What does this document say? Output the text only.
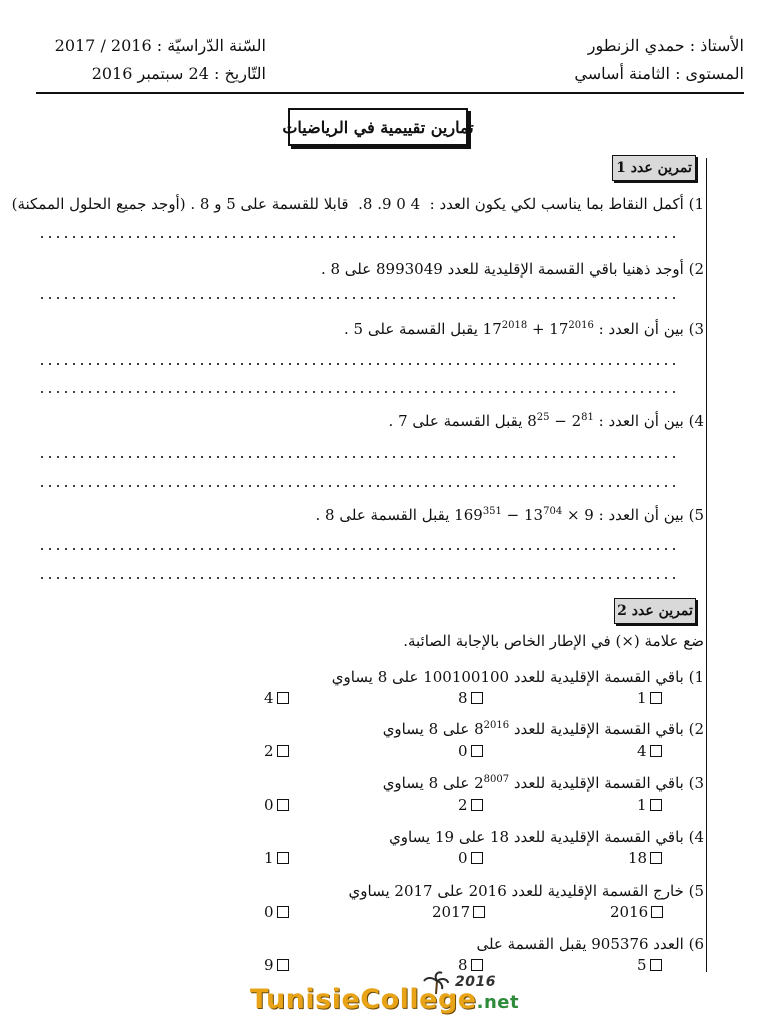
الأستاذ : حمدي الزنطور
المستوى : الثامنة أساسي
السّنة الدّراسيّة : 2016 / 2017
التّاريخ : 24 سبتمبر 2016
تمارين تقييمية في الرياضيات
تمرين عدد 1
1) أكمل النقاط بما يناسب لكي يكون العدد : ‎ .8 .9 0 4 ‎ قابلا للقسمة على 5 و 8 . (أوجد جميع الحلول الممكنة)
2) أوجد ذهنيا باقي القسمة الإقليدية للعدد 8993049 على 8 .
3) بين أن العدد : $17^{2018} + 17^{2016}$ يقبل القسمة على 5 .
4) بين أن العدد : $8^{25} - 2^{81}$ يقبل القسمة على 7 .
5) بين أن العدد : $169^{351} - 13^{704} \times 9$ يقبل القسمة على 8 .
تمرين عدد 2
ضع علامة (×) في الإطار الخاص بالإجابة الصائبة.
1) باقي القسمة الإقليدية للعدد 100100100 على 8 يساوي
1
8
4
2) باقي القسمة الإقليدية للعدد $8^{2016}$ على 8 يساوي
4
0
2
3) باقي القسمة الإقليدية للعدد $2^{8007}$ على 8 يساوي
1
2
0
4) باقي القسمة الإقليدية للعدد 18 على 19 يساوي
18
0
1
5) خارج القسمة الإقليدية للعدد 2016 على 2017 يساوي
2016
2017
0
6) العدد 905376 يقبل القسمة على
5
8
9
2016
TunisieCollege.net
